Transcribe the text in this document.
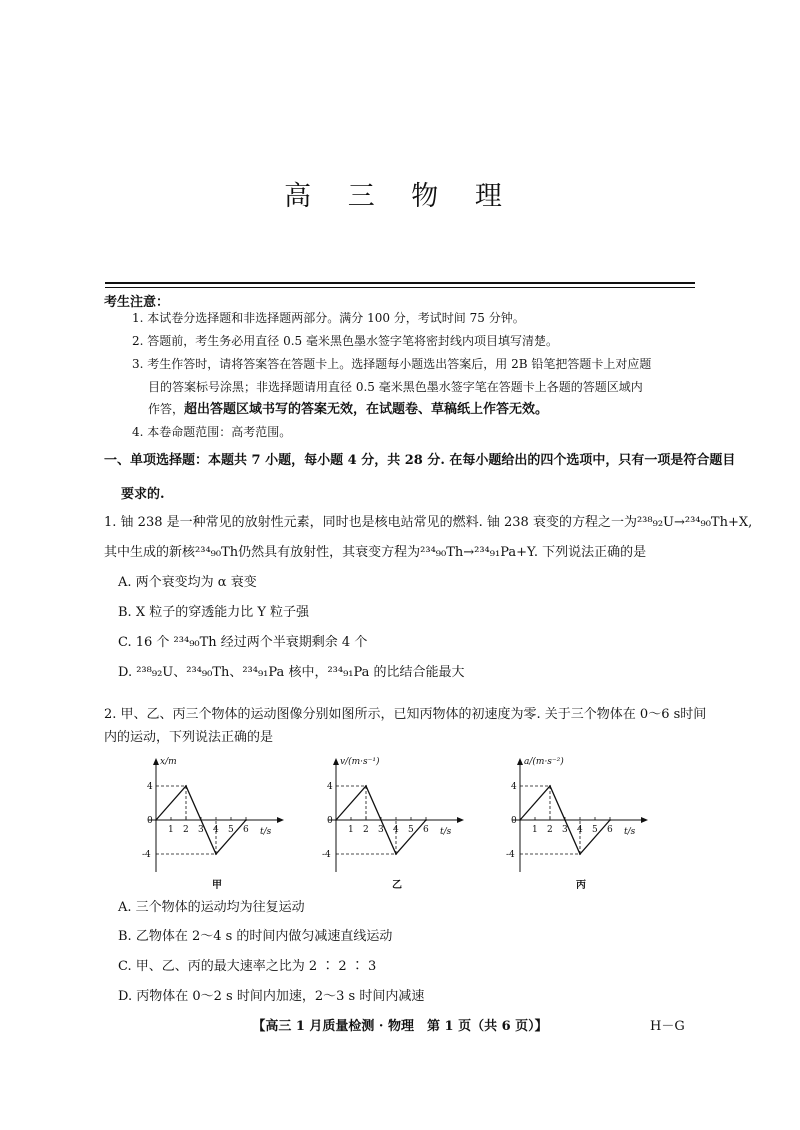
高 三 物 理
考生注意：
1. 本试卷分选择题和非选择题两部分。满分 100 分，考试时间 75 分钟。
2. 答题前，考生务必用直径 0.5 毫米黑色墨水签字笔将密封线内项目填写清楚。
3. 考生作答时，请将答案答在答题卡上。选择题每小题选出答案后，用 2B 铅笔把答题卡上对应题
目的答案标号涂黑；非选择题请用直径 0.5 毫米黑色墨水签字笔在答题卡上各题的答题区域内
作答，超出答题区域书写的答案无效，在试题卷、草稿纸上作答无效。
4. 本卷命题范围：高考范围。
一、单项选择题：本题共 7 小题，每小题 4 分，共 28 分. 在每小题给出的四个选项中，只有一项是符合题目
要求的.
1. 铀 238 是一种常见的放射性元素，同时也是核电站常见的燃料. 铀 238 衰变的方程之一为²³⁸₉₂U→²³⁴₉₀Th+X,
其中生成的新核²³⁴₉₀Th仍然具有放射性，其衰变方程为²³⁴₉₀Th→²³⁴₉₁Pa+Y. 下列说法正确的是
A. 两个衰变均为 α 衰变
B. X 粒子的穿透能力比 Y 粒子强
C. 16 个 ²³⁴₉₀Th 经过两个半衰期剩余 4 个
D. ²³⁸₉₂U、²³⁴₉₀Th、²³⁴₉₁Pa 核中，²³⁴₉₁Pa 的比结合能最大
2. 甲、乙、丙三个物体的运动图像分别如图所示，已知丙物体的初速度为零. 关于三个物体在 0～6 s时间
内的运动，下列说法正确的是
1 2 3 4 5 6
4
0
-4
x/m
t/s
甲
1 2 3 4 5 6
4
0
-4
v/(m·s⁻¹)
t/s
乙
1 2 3 4 5 6
4
0
-4
a/(m·s⁻²)
t/s
丙
A. 三个物体的运动均为往复运动
B. 乙物体在 2～4 s 的时间内做匀减速直线运动
C. 甲、乙、丙的最大速率之比为 2 ∶ 2 ∶ 3
D. 丙物体在 0～2 s 时间内加速，2～3 s 时间内减速
【高三 1 月质量检测 · 物理　第 1 页（共 6 页）】	H－G
